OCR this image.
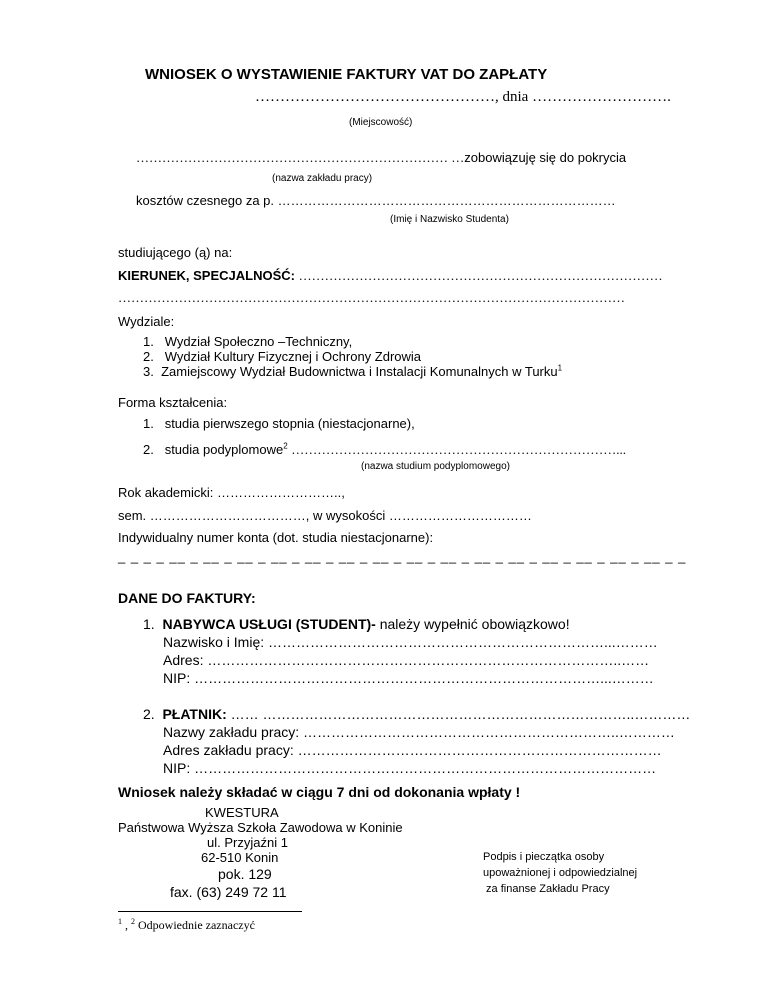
WNIOSEK O WYSTAWIENIE FAKTURY VAT DO ZAPŁATY
…………………………………………, dnia ……………………….
(Miejscowość)
……………………………………………………………… …zobowiązuję się do pokrycia
(nazwa zakładu pracy)
kosztów czesnego za p. ……………………………………………………………………
(Imię i Nazwisko Studenta)
studiującego (ą) na:
KIERUNEK, SPECJALNOŚĆ: …………………………………………………………………………
………………………………………………………………………………………………………
Wydziale:
1. Wydział Społeczno –Techniczny,
2. Wydział Kultury Fizycznej i Ochrony Zdrowia
3. Zamiejscowy Wydział Budownictwa i Instalacji Komunalnych w Turku$^1$
Forma kształcenia:
1. studia pierwszego stopnia (niestacjonarne),
2. studia podyplomowe$^2$ …………………………………………………………………...
(nazwa studium podyplomowego)
Rok akademicki: ………………………..,
sem. ………………………………, w wysokości ……………………………
Indywidualny numer konta (dot. studia niestacjonarne):
_ _ _ _ __ _ __ _ __ _ __ _ __ _ __ _ __ _ __ _ __ _ __ _ __ _ __ _ __ _ __ _ __ _ _
DANE DO FAKTURY:
1. NABYWCA USŁUGI (STUDENT)- należy wypełnić obowiązkowo!
Nazwisko i Imię: ………………………………………………………………...………
Adres: ……………………………………………………………………………..……
NIP: ……………………………………………………………………………...………
2. PŁATNIK: …… ……………………………………………………………………..…………
Nazwy zakładu pracy: …………………………………………………………..…………
Adres zakładu pracy: ……………………………………………………………………
NIP: ………………………………………………………………………………………
Wniosek należy składać w ciągu 7 dni od dokonania wpłaty !
KWESTURA
Państwowa Wyższa Szkoła Zawodowa w Koninie
ul. Przyjaźni 1
62-510 Konin
pok. 129
fax. (63) 249 72 11
Podpis i pieczątka osoby
upoważnionej i odpowiedzialnej
za finanse Zakładu Pracy
$^1$ , $^2$ Odpowiednie zaznaczyć
